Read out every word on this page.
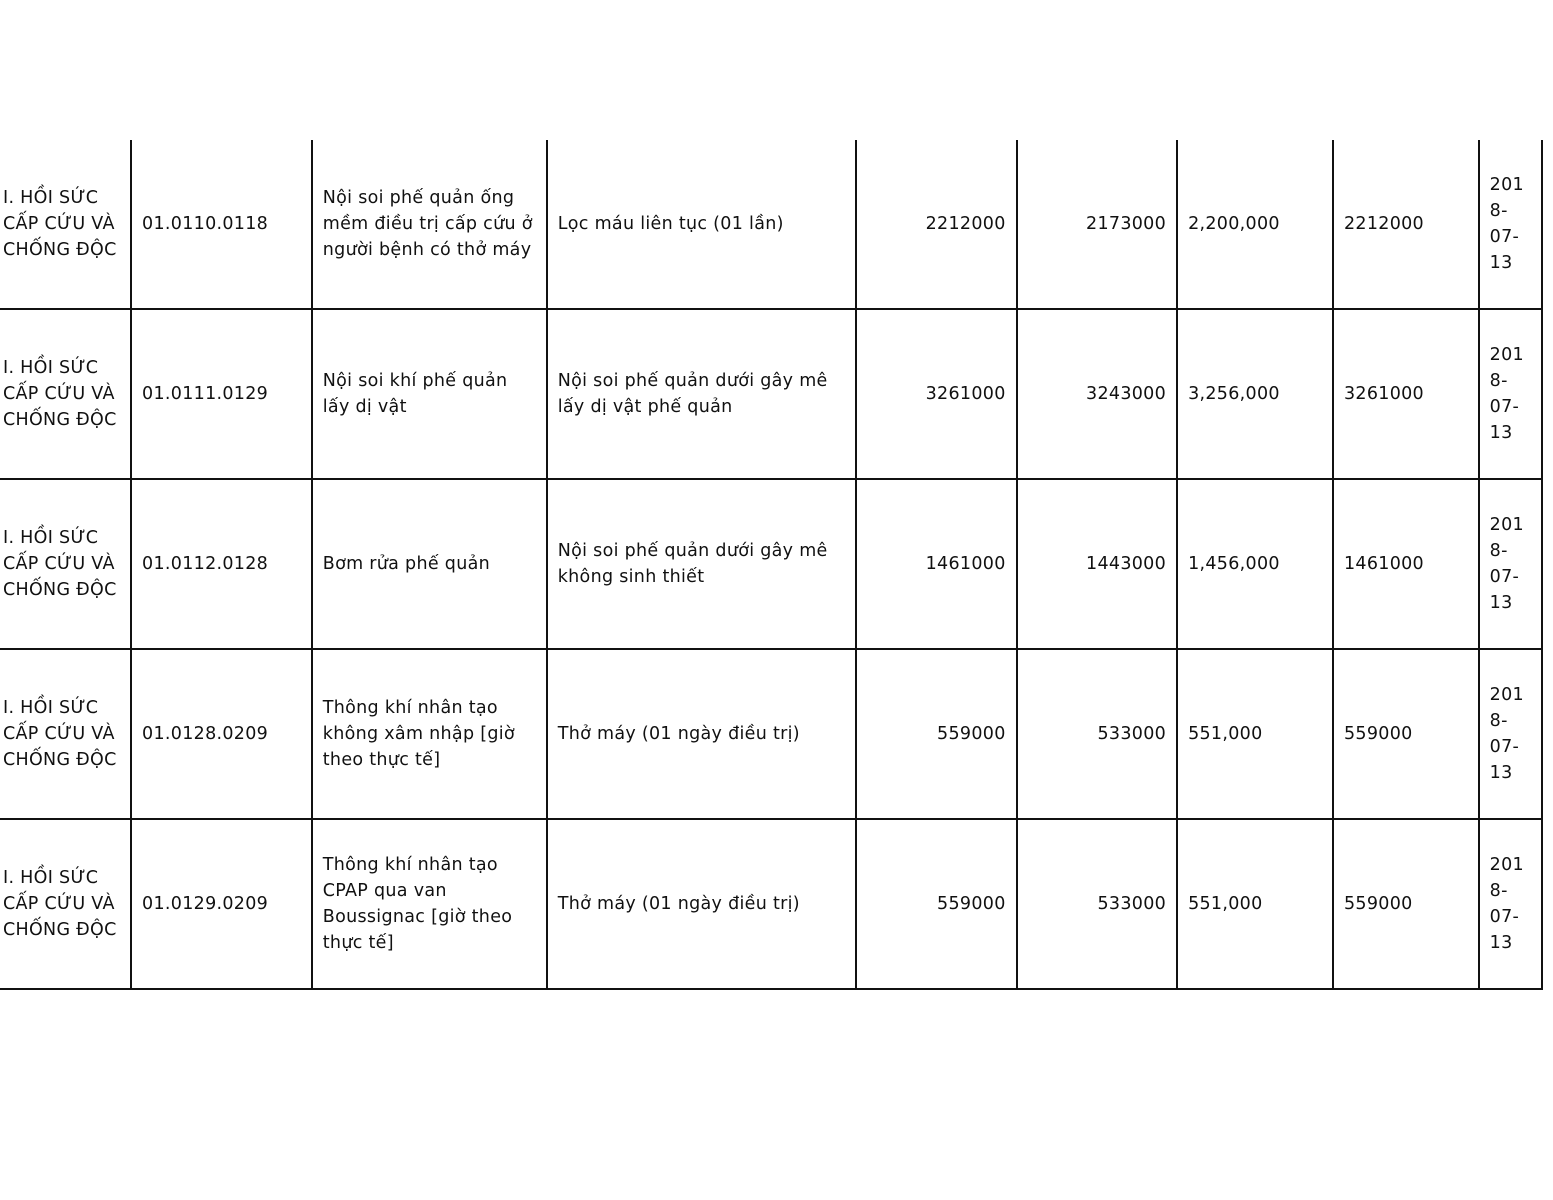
I. HỒI SỨC CẤP CỨU VÀ CHỐNG ĐỘC	01.0110.0118	Nội soi phế quản ống mềm điều trị cấp cứu ở người bệnh có thở máy	Lọc máu liên tục (01 lần)	2212000	2173000	2,200,000	2212000	2018-07-13
I. HỒI SỨC CẤP CỨU VÀ CHỐNG ĐỘC	01.0111.0129	Nội soi khí phế quản lấy dị vật	Nội soi phế quản dưới gây mê lấy dị vật phế quản	3261000	3243000	3,256,000	3261000	2018-07-13
I. HỒI SỨC CẤP CỨU VÀ CHỐNG ĐỘC	01.0112.0128	Bơm rửa phế quản	Nội soi phế quản dưới gây mê không sinh thiết	1461000	1443000	1,456,000	1461000	2018-07-13
I. HỒI SỨC CẤP CỨU VÀ CHỐNG ĐỘC	01.0128.0209	Thông khí nhân tạo không xâm nhập [giờ theo thực tế]	Thở máy (01 ngày điều trị)	559000	533000	551,000	559000	2018-07-13
I. HỒI SỨC CẤP CỨU VÀ CHỐNG ĐỘC	01.0129.0209	Thông khí nhân tạo CPAP qua van Boussignac [giờ theo thực tế]	Thở máy (01 ngày điều trị)	559000	533000	551,000	559000	2018-07-13
